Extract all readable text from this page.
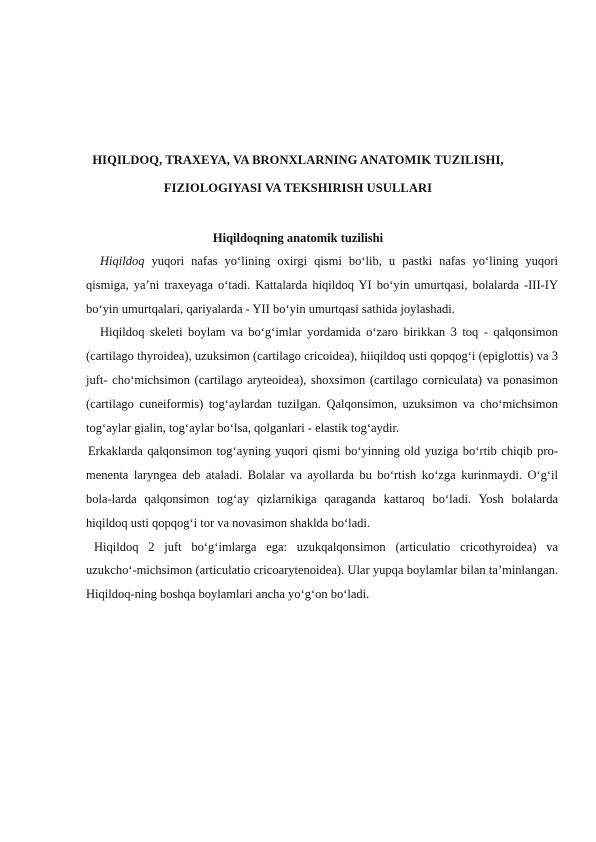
HIQILDOQ, TRAXEYA, VA BRONXLARNING ANATOMIK TUZILISHI,
FIZIOLOGIYASI VA TEKSHIRISH USULLARI
Hiqildoqning anatomik tuzilishi

Hiqildoq yuqori nafas yo‘lining oxirgi qismi bo‘lib, u pastki nafas yo‘lining yuqori qismiga, ya’ni traxeyaga o‘tadi. Kattalarda hiqildoq YI bo‘yin umurtqasi, bolalarda -III-IY bo‘yin umurtqalari, qariyalarda - YII bo‘yin umurtqasi sathida joylashadi.

Hiqildoq skeleti boylam va bo‘g‘imlar yordamida o‘zaro birikkan 3 toq - qalqonsimon (cartilago thyroidea), uzuksimon (cartilago cricoidea), hiiqildoq usti qopqog‘i (epiglottis) va 3 juft- cho‘michsimon (cartilago aryteoidea), shoxsimon (cartilago corniculata) va ponasimon (cartilago cuneiformis) tog‘aylardan tuzilgan. Qalqonsimon, uzuksimon va cho‘michsimon tog‘aylar gialin, tog‘aylar bo‘lsa, qolganlari - elastik tog‘aydir.

Erkaklarda qalqonsimon tog‘ayning yuqori qismi bo‘yinning old yuziga bo‘rtib chiqib pro-menenta laryngea deb ataladi. Bolalar va ayollarda bu bo‘rtish ko‘zga kurinmaydi. O‘g‘il bola-larda qalqonsimon tog‘ay qizlarnikiga qaraganda kattaroq bo‘ladi. Yosh bolalarda hiqildoq usti qopqog‘i tor va novasimon shaklda bo‘ladi.

Hiqildoq 2 juft bo‘g‘imlarga ega: uzukqalqonsimon (articulatio cricothyroidea) va uzukcho‘-michsimon (articulatio cricoarytenoidea). Ular yupqa boylamlar bilan ta’minlangan. Hiqildoq-ning boshqa boylamlari ancha yo‘g‘on bo‘ladi.
